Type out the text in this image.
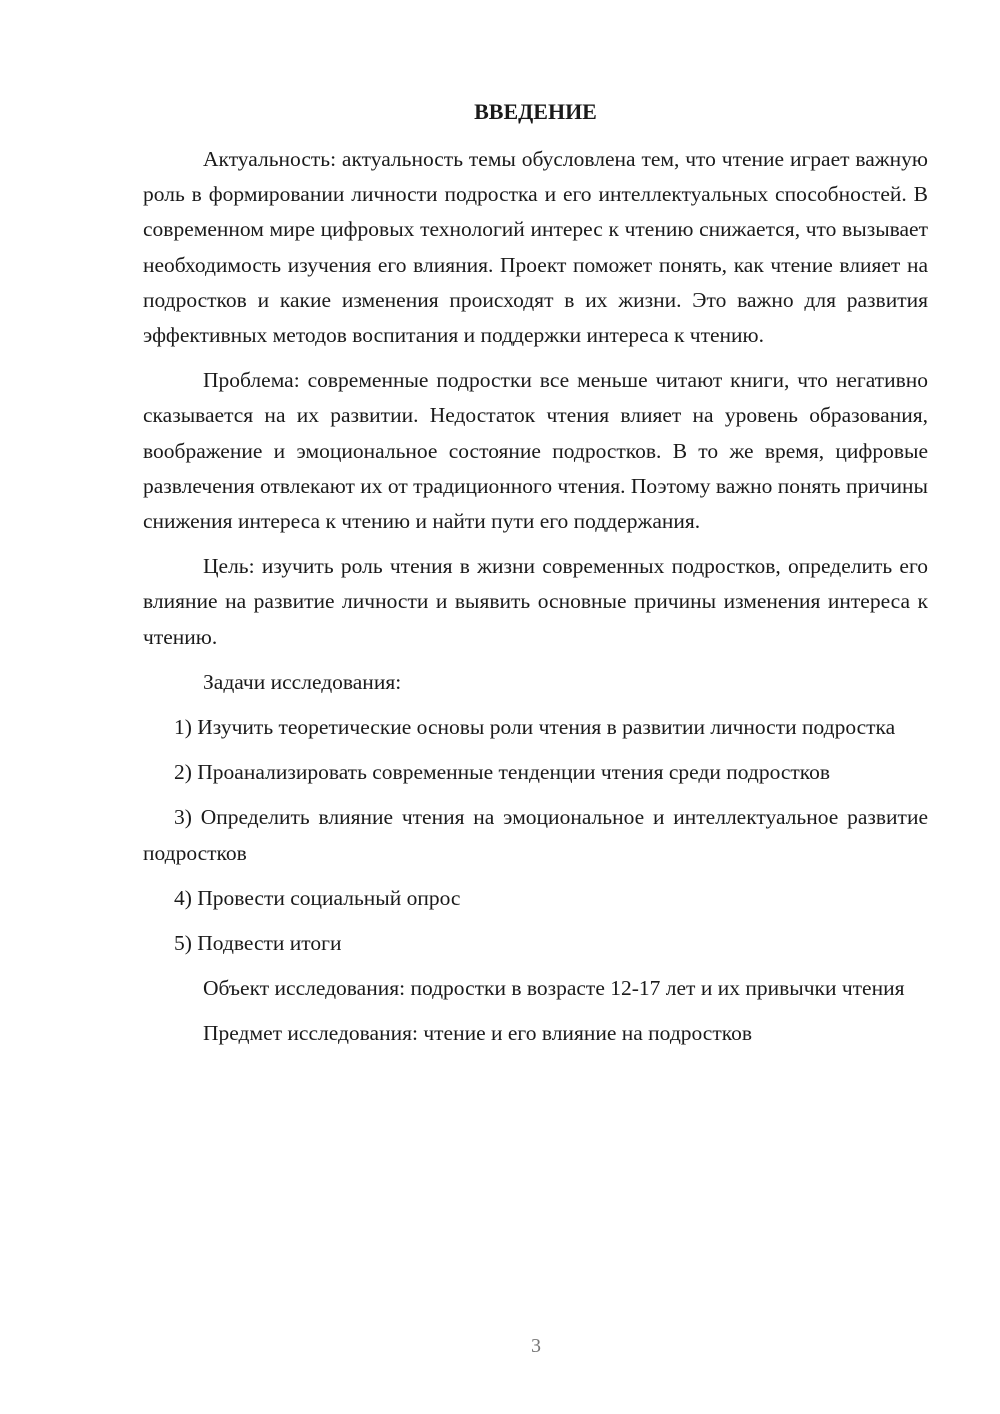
ВВЕДЕНИЕ

Актуальность: актуальность темы обусловлена тем, что чтение играет важную роль в формировании личности подростка и его интеллектуальных способностей. В современном мире цифровых технологий интерес к чтению снижается, что вызывает необходимость изучения его влияния. Проект поможет понять, как чтение влияет на подростков и какие изменения происходят в их жизни. Это важно для развития эффективных методов воспитания и поддержки интереса к чтению.

Проблема: современные подростки все меньше читают книги, что негативно сказывается на их развитии. Недостаток чтения влияет на уровень образования, воображение и эмоциональное состояние подростков. В то же время, цифровые развлечения отвлекают их от традиционного чтения. Поэтому важно понять причины снижения интереса к чтению и найти пути его поддержания.

Цель: изучить роль чтения в жизни современных подростков, определить его влияние на развитие личности и выявить основные причины изменения интереса к чтению.

Задачи исследования:

1) Изучить теоретические основы роли чтения в развитии личности подростка

2) Проанализировать современные тенденции чтения среди подростков

3) Определить влияние чтения на эмоциональное и интеллектуальное развитие подростков

4) Провести социальный опрос

5) Подвести итоги

Объект исследования: подростки в возрасте 12-17 лет и их привычки чтения

Предмет исследования: чтение и его влияние на подростков

3
